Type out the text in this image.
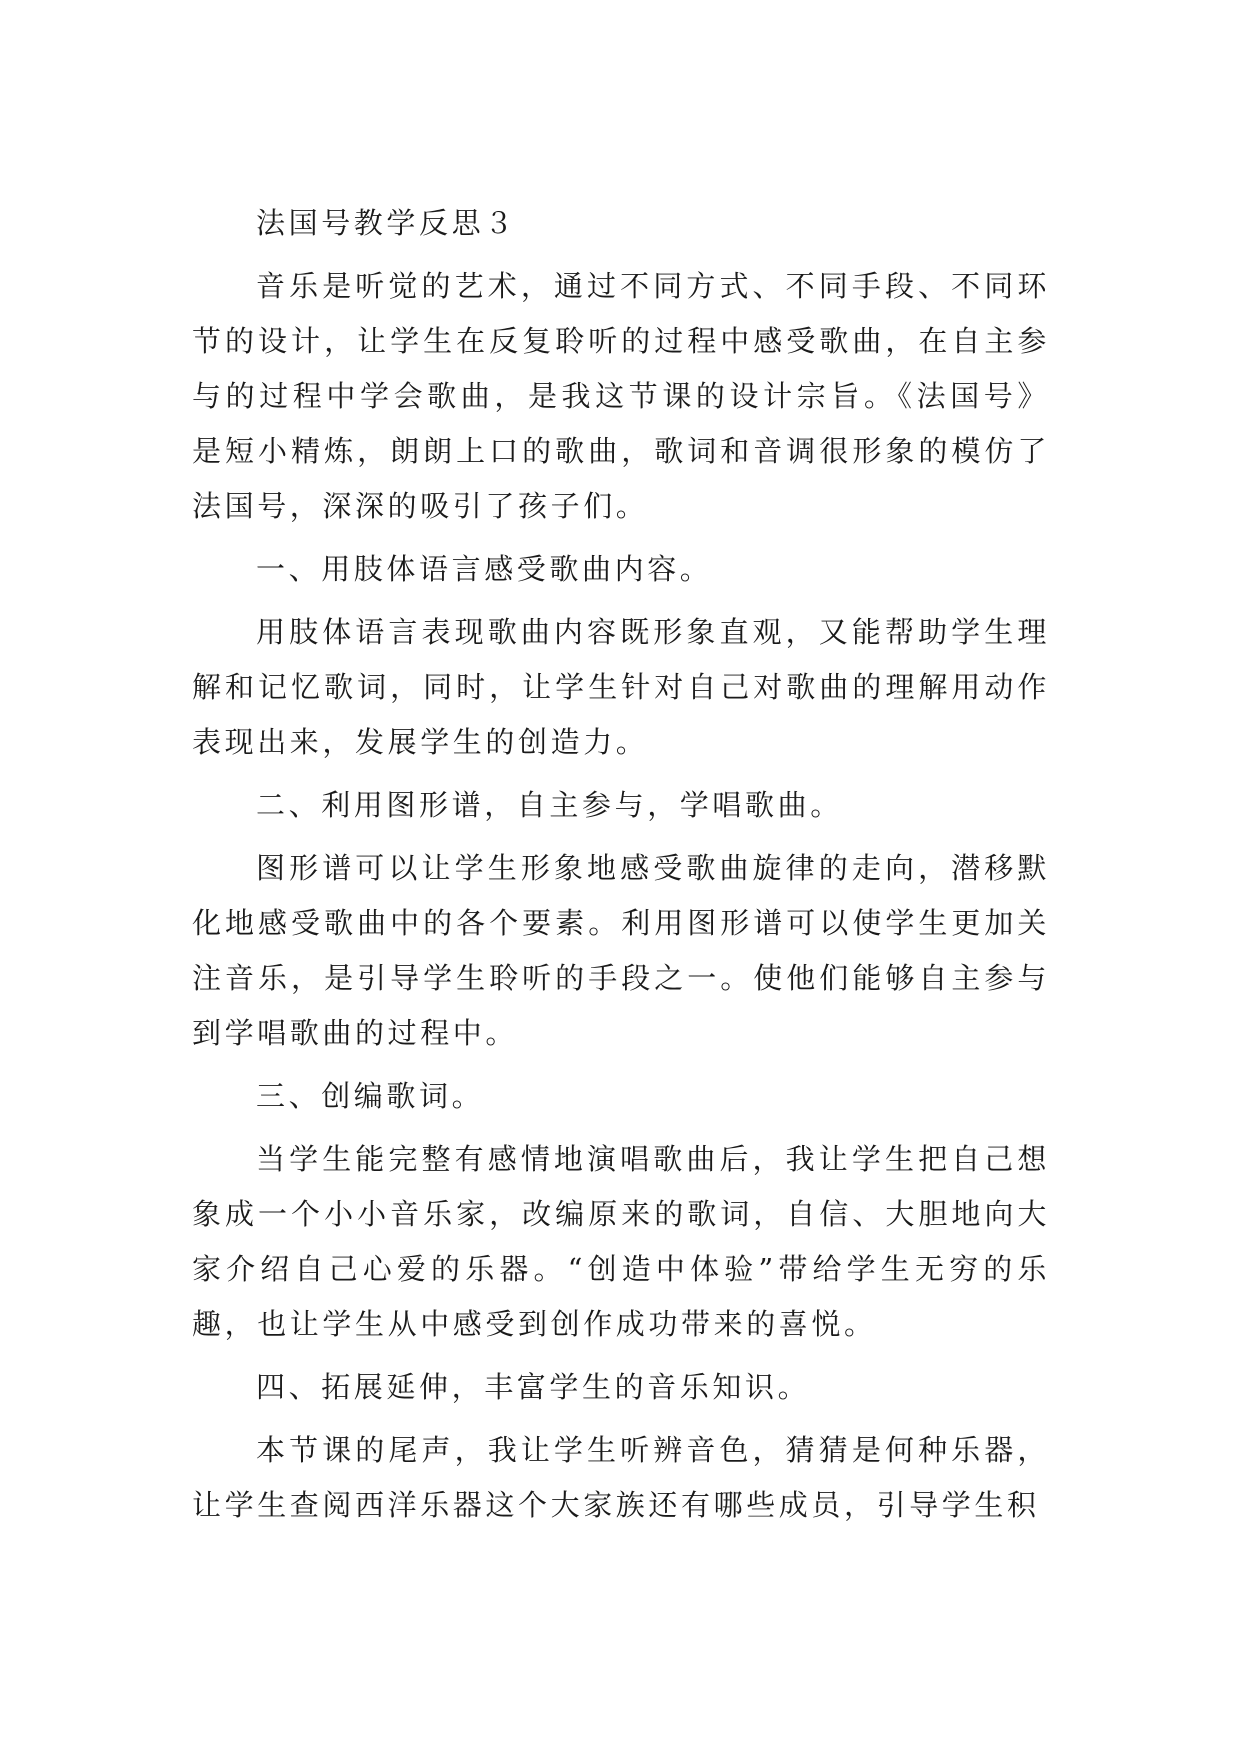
法国号教学反思３

音乐是听觉的艺术，通过不同方式、不同手段、不同环节的设计，让学生在反复聆听的过程中感受歌曲，在自主参与的过程中学会歌曲，是我这节课的设计宗旨。《法国号》是短小精炼，朗朗上口的歌曲，歌词和音调很形象的模仿了法国号，深深的吸引了孩子们。

一、用肢体语言感受歌曲内容。

用肢体语言表现歌曲内容既形象直观，又能帮助学生理解和记忆歌词，同时，让学生针对自己对歌曲的理解用动作表现出来，发展学生的创造力。

二、利用图形谱，自主参与，学唱歌曲。

图形谱可以让学生形象地感受歌曲旋律的走向，潜移默化地感受歌曲中的各个要素。利用图形谱可以使学生更加关注音乐，是引导学生聆听的手段之一。使他们能够自主参与到学唱歌曲的过程中。

三、创编歌词。

当学生能完整有感情地演唱歌曲后，我让学生把自己想象成一个小小音乐家，改编原来的歌词，自信、大胆地向大家介绍自己心爱的乐器。“创造中体验”带给学生无穷的乐趣，也让学生从中感受到创作成功带来的喜悦。

四、拓展延伸，丰富学生的音乐知识。

本节课的尾声，我让学生听辨音色，猜猜是何种乐器，让学生查阅西洋乐器这个大家族还有哪些成员，引导学生积
